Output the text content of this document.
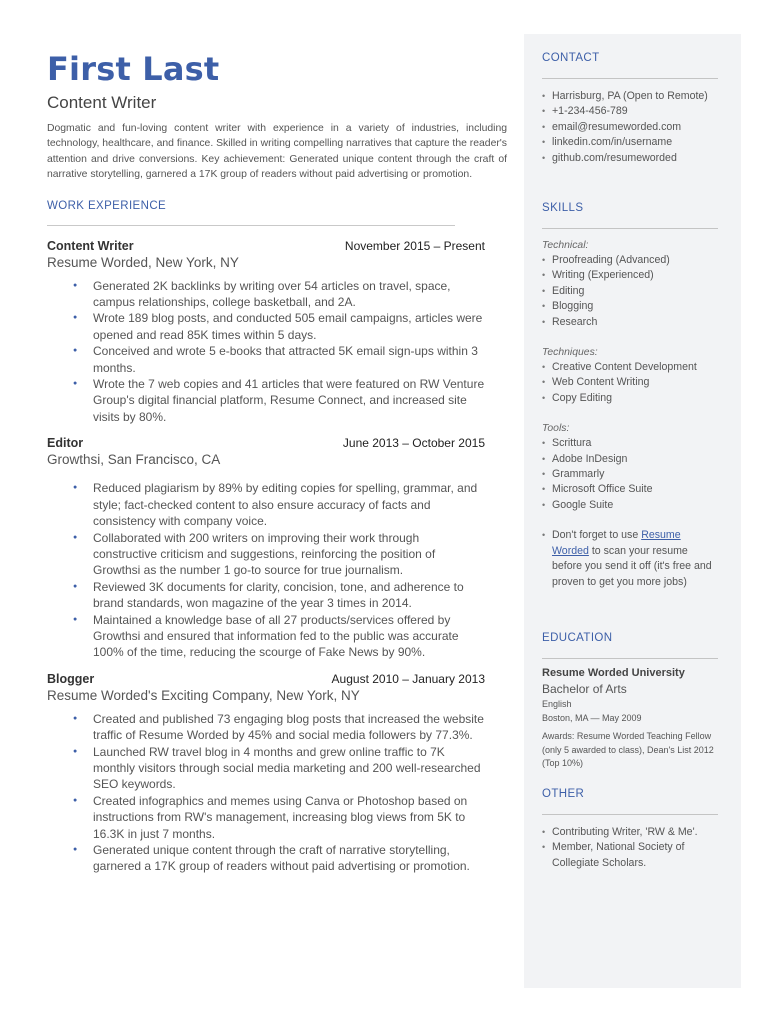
First Last
Content Writer

Dogmatic and fun-loving content writer with experience in a variety of industries, including technology, healthcare, and finance. Skilled in writing compelling narratives that capture the reader's attention and drive conversions. Key achievement: Generated unique content through the craft of narrative storytelling, garnered a 17K group of readers without paid advertising or promotion.

WORK EXPERIENCE
Content Writer	November 2015 – Present
Resume Worded, New York, NY
● Generated 2K backlinks by writing over 54 articles on travel, space, campus relationships, college basketball, and 2A.
● Wrote 189 blog posts, and conducted 505 email campaigns, articles were opened and read 85K times within 5 days.
● Conceived and wrote 5 e-books that attracted 5K email sign-ups within 3 months.
● Wrote the 7 web copies and 41 articles that were featured on RW Venture Group's digital financial platform, Resume Connect, and increased site visits by 80%.
Editor	June 2013 – October 2015
Growthsi, San Francisco, CA
● Reduced plagiarism by 89% by editing copies for spelling, grammar, and style; fact-checked content to also ensure accuracy of facts and consistency with company voice.
● Collaborated with 200 writers on improving their work through constructive criticism and suggestions, reinforcing the position of Growthsi as the number 1 go-to source for true journalism.
● Reviewed 3K documents for clarity, concision, tone, and adherence to brand standards, won magazine of the year 3 times in 2014.
● Maintained a knowledge base of all 27 products/services offered by Growthsi and ensured that information fed to the public was accurate 100% of the time, reducing the scourge of Fake News by 90%.
Blogger	August 2010 – January 2013
Resume Worded's Exciting Company, New York, NY
● Created and published 73 engaging blog posts that increased the website traffic of Resume Worded by 45% and social media followers by 77.3%.
● Launched RW travel blog in 4 months and grew online traffic to 7K monthly visitors through social media marketing and 200 well-researched SEO keywords.
● Created infographics and memes using Canva or Photoshop based on instructions from RW's management, increasing blog views from 5K to 16.3K in just 7 months.
● Generated unique content through the craft of narrative storytelling, garnered a 17K group of readers without paid advertising or promotion.
CONTACT
• Harrisburg, PA (Open to Remote)
• +1-234-456-789
• email@resumeworded.com
• linkedin.com/in/username
• github.com/resumeworded
SKILLS
Technical:
• Proofreading (Advanced)
• Writing (Experienced)
• Editing
• Blogging
• Research
Techniques:
• Creative Content Development
• Web Content Writing
• Copy Editing
Tools:
• Scrittura
• Adobe InDesign
• Grammarly
• Microsoft Office Suite
• Google Suite
• Don't forget to use Resume Worded to scan your resume before you send it off (it's free and proven to get you more jobs)
EDUCATION
Resume Worded University
Bachelor of Arts
English
Boston, MA — May 2009
Awards: Resume Worded Teaching Fellow (only 5 awarded to class), Dean's List 2012 (Top 10%)
OTHER
• Contributing Writer, 'RW & Me'.
• Member, National Society of Collegiate Scholars.
